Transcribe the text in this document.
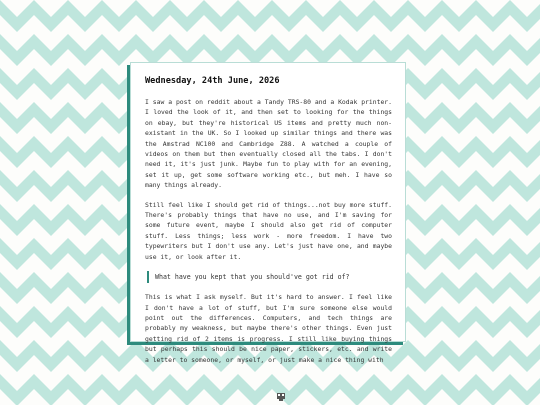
Wednesday, 24th June, 2026

I saw a post on reddit about a Tandy TRS-80 and a Kodak printer. I loved the look of it, and then set to looking for the things on ebay, but they're historical US items and pretty much non-existant in the UK. So I looked up similar things and there was the Amstrad NC100 and Cambridge Z88. A watched a couple of videos on them but then eventually closed all the tabs. I don't need it, it's just junk. Maybe fun to play with for an evening, set it up, get some software working etc., but meh. I have so many things already.

Still feel like I should get rid of things...not buy more stuff. There's probably things that have no use, and I'm saving for some future event, maybe I should also get rid of computer stuff. Less things; less work - more freedom. I have two typewriters but I don't use any. Let's just have one, and maybe use it, or look after it.

What have you kept that you should've got rid of?

This is what I ask myself. But it's hard to answer. I feel like I don't have a lot of stuff, but I'm sure someone else would point out the differences. Computers, and tech things are probably my weakness, but maybe there's other things. Even just getting rid of 2 items is progress. I still like buying things but perhaps this should be nice paper, stickers, etc. and write a letter to someone, or myself, or just make a nice thing with
